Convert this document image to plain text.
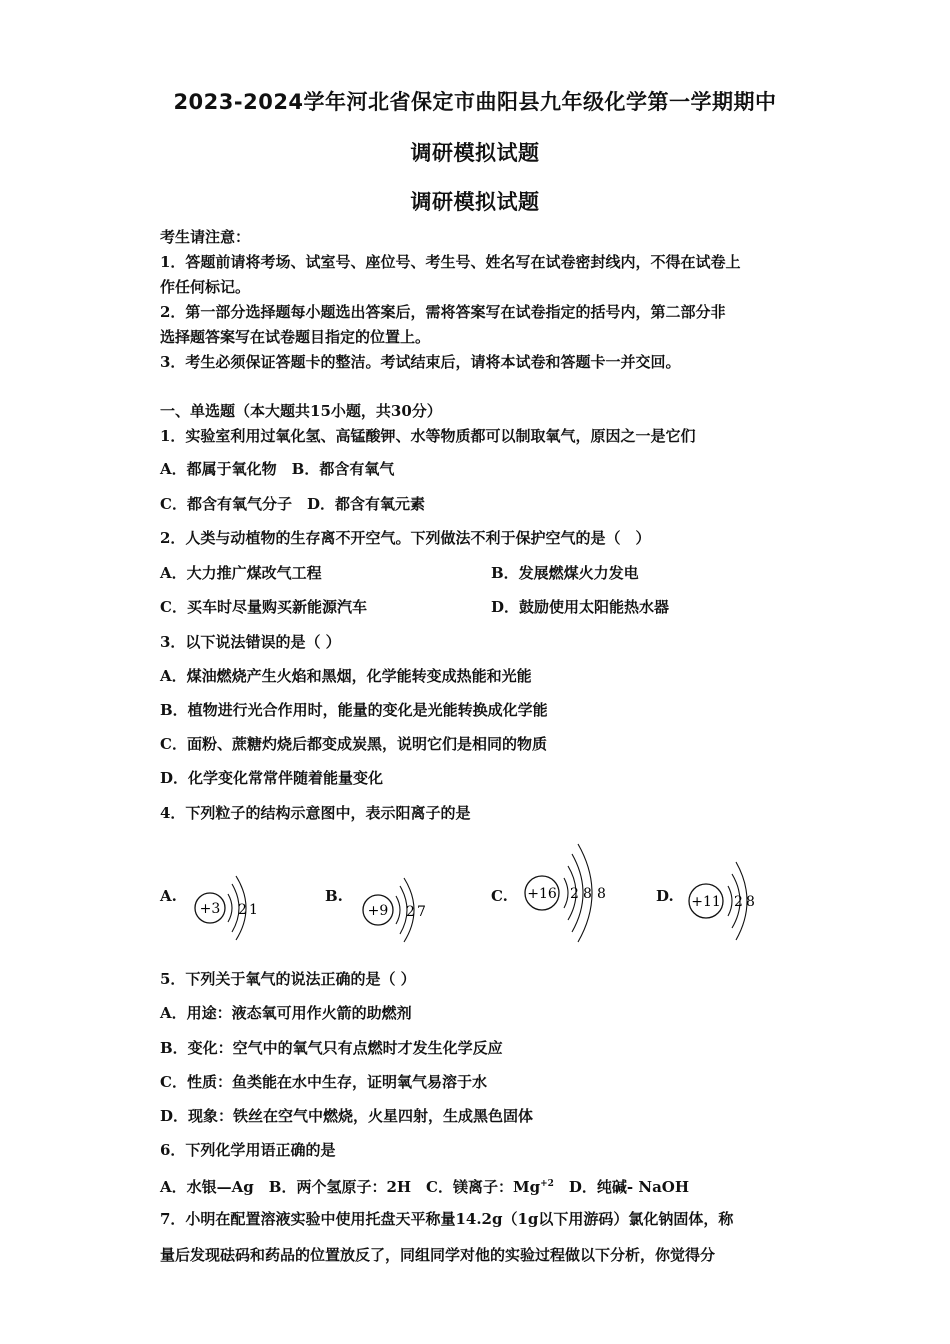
2023-2024学年河北省保定市曲阳县九年级化学第一学期期中
调研模拟试题
调研模拟试题
考生请注意：
1．答题前请将考场、试室号、座位号、考生号、姓名写在试卷密封线内，不得在试卷上
作任何标记。
2．第一部分选择题每小题选出答案后，需将答案写在试卷指定的括号内，第二部分非
选择题答案写在试卷题目指定的位置上。
3．考生必须保证答题卡的整洁。考试结束后，请将本试卷和答题卡一并交回。
一、单选题（本大题共15小题，共30分）
1．实验室利用过氧化氢、高锰酸钾、水等物质都可以制取氧气，原因之一是它们
A．都属于氧化物　B．都含有氧气
C．都含有氧气分子　D．都含有氧元素
2．人类与动植物的生存离不开空气。下列做法不利于保护空气的是（　）
A．大力推广煤改气工程	B．发展燃煤火力发电
C．买车时尽量购买新能源汽车	D．鼓励使用太阳能热水器
3．以下说法错误的是（ ）
A．煤油燃烧产生火焰和黑烟，化学能转变成热能和光能
B．植物进行光合作用时，能量的变化是光能转换成化学能
C．面粉、蔗糖灼烧后都变成炭黑，说明它们是相同的物质
D．化学变化常常伴随着能量变化
4．下列粒子的结构示意图中，表示阳离子的是
A.
+3 2 1
B.
+9 2 7
C. +16 2 8 8	D. +11 2 8
5．下列关于氧气的说法正确的是（ ）
A．用途：液态氧可用作火箭的助燃剂
B．变化：空气中的氧气只有点燃时才发生化学反应
C．性质：鱼类能在水中生存，证明氧气易溶于水
D．现象：铁丝在空气中燃烧，火星四射，生成黑色固体
6．下列化学用语正确的是
A．水银—Ag　B．两个氢原子：2H　C．镁离子：$Mg^{+2}$　D．纯碱- NaOH
7．小明在配置溶液实验中使用托盘天平称量14.2g（1g以下用游码）氯化钠固体，称
量后发现砝码和药品的位置放反了，同组同学对他的实验过程做以下分析，你觉得分
